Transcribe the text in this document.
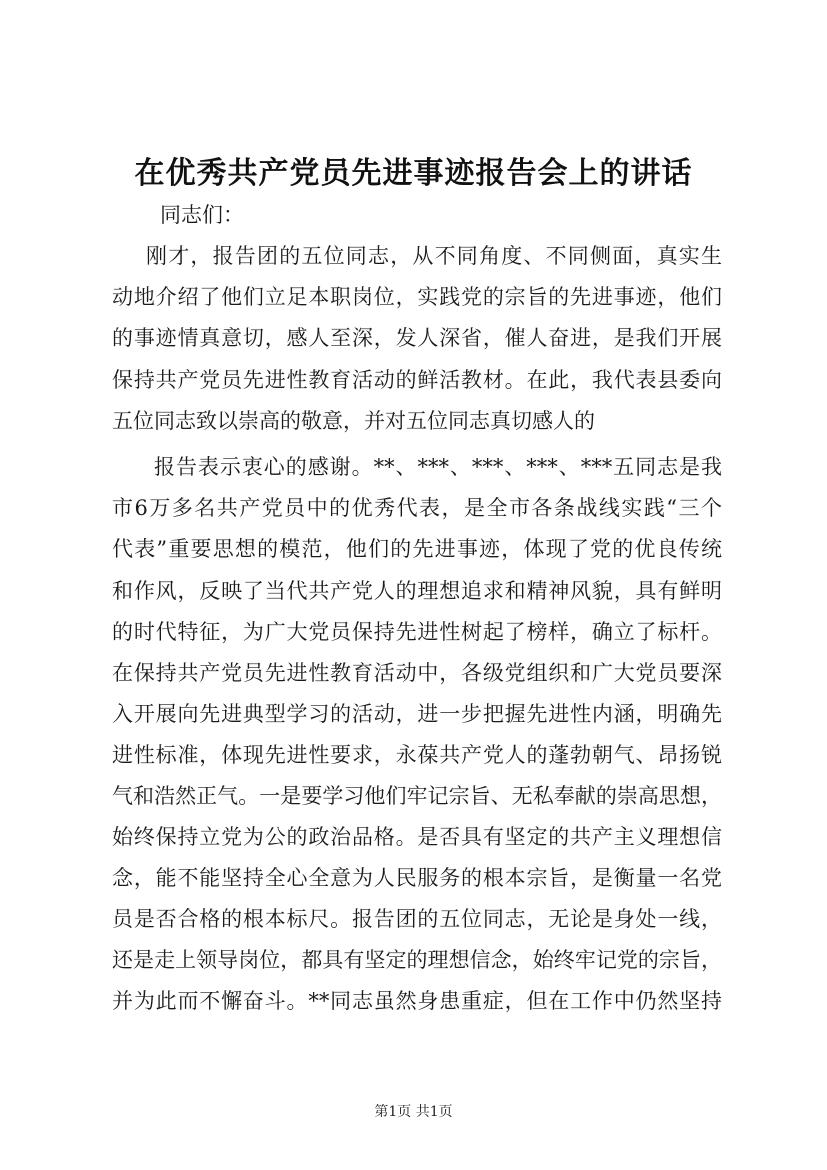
在优秀共产党员先进事迹报告会上的讲话
同志们：
刚才，报告团的五位同志，从不同角度、不同侧面，真实生
动地介绍了他们立足本职岗位，实践党的宗旨的先进事迹，他们
的事迹情真意切，感人至深，发人深省，催人奋进，是我们开展
保持共产党员先进性教育活动的鲜活教材。在此，我代表县委向
五位同志致以崇高的敬意，并对五位同志真切感人的
报告表示衷心的感谢。**、***、***、***、***五同志是我
市6万多名共产党员中的优秀代表，是全市各条战线实践“三个
代表”重要思想的模范，他们的先进事迹，体现了党的优良传统
和作风，反映了当代共产党人的理想追求和精神风貌，具有鲜明
的时代特征，为广大党员保持先进性树起了榜样，确立了标杆。
在保持共产党员先进性教育活动中，各级党组织和广大党员要深
入开展向先进典型学习的活动，进一步把握先进性内涵，明确先
进性标准，体现先进性要求，永葆共产党人的蓬勃朝气、昂扬锐
气和浩然正气。一是要学习他们牢记宗旨、无私奉献的崇高思想，
始终保持立党为公的政治品格。是否具有坚定的共产主义理想信
念，能不能坚持全心全意为人民服务的根本宗旨，是衡量一名党
员是否合格的根本标尺。报告团的五位同志，无论是身处一线，
还是走上领导岗位，都具有坚定的理想信念，始终牢记党的宗旨，
并为此而不懈奋斗。**同志虽然身患重症，但在工作中仍然坚持
第1页 共1页
